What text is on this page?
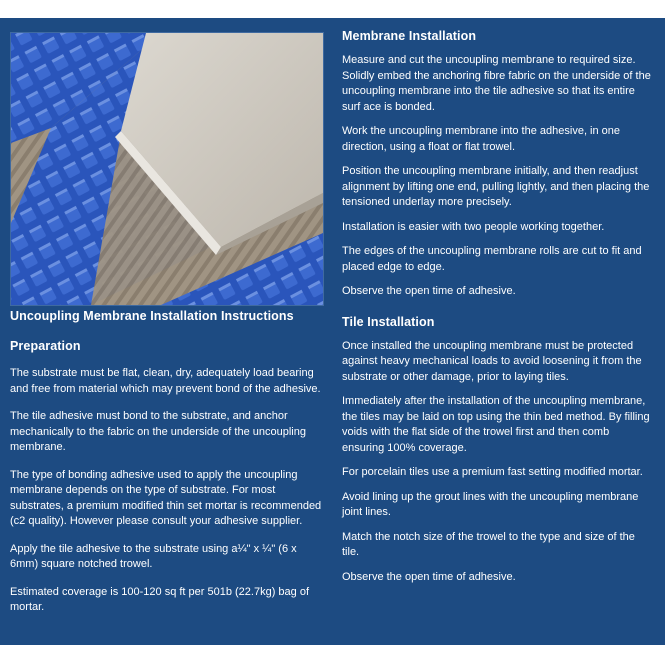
Uncoupling Membrane Installation Instructions
Preparation

The substrate must be flat, clean, dry, adequately load bearing and free from material which may prevent bond of the adhesive.

The tile adhesive must bond to the substrate, and anchor mechanically to the fabric on the underside of the uncoupling membrane.

The type of bonding adhesive used to apply the uncoupling membrane depends on the type of substrate. For most substrates, a premium modified thin set mortar is recommended (c2 quality). However please consult your adhesive supplier.

Apply the tile adhesive to the substrate using a¼" x ¼" (6 x 6mm) square notched trowel.

Estimated coverage is 100-120 sq ft per 501b (22.7kg) bag of mortar.

Membrane Installation

Measure and cut the uncoupling membrane to required size. Solidly embed the anchoring fibre fabric on the underside of the uncoupling membrane into the tile adhesive so that its entire surf ace is bonded.

Work the uncoupling membrane into the adhesive, in one direction, using a float or flat trowel.

Position the uncoupling membrane initially, and then readjust alignment by lifting one end, pulling lightly, and then placing the tensioned underlay more precisely.

Installation is easier with two people working together.

The edges of the uncoupling membrane rolls are cut to fit and placed edge to edge.

Observe the open time of adhesive.

Tile Installation

Once installed the uncoupling membrane must be protected against heavy mechanical loads to avoid loosening it from the substrate or other damage, prior to laying tiles.

Immediately after the installation of the uncoupling membrane, the tiles may be laid on top using the thin bed method. By filling voids with the flat side of the trowel first and then comb ensuring 100% coverage.

For porcelain tiles use a premium fast setting modified mortar.

Avoid lining up the grout lines with the uncoupling membrane joint lines.

Match the notch size of the trowel to the type and size of the tile.

Observe the open time of adhesive.
